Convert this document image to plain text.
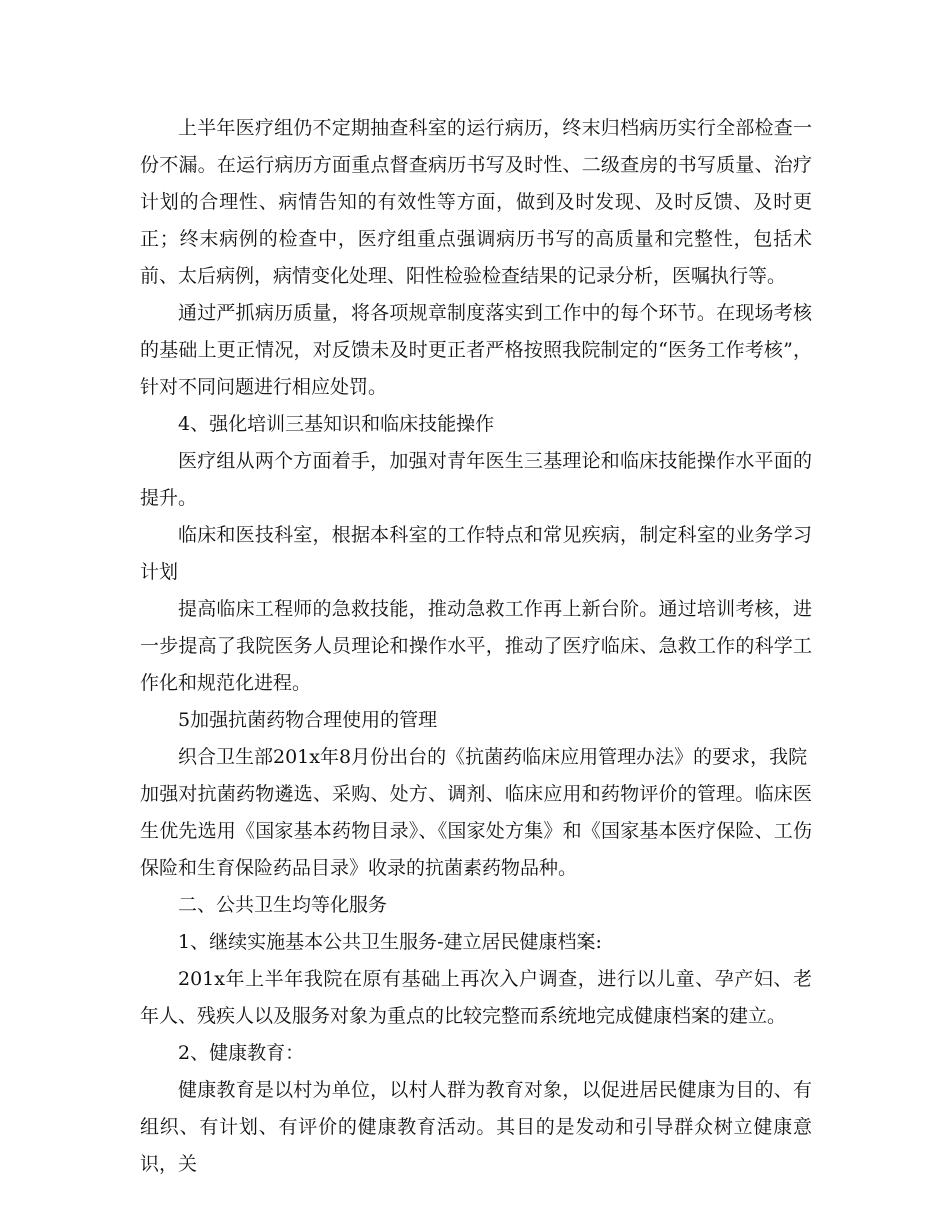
上半年医疗组仍不定期抽查科室的运行病历，终末归档病历实行全部检查一份不漏。在运行病历方面重点督查病历书写及时性、二级查房的书写质量、治疗计划的合理性、病情告知的有效性等方面，做到及时发现、及时反馈、及时更正；终末病例的检查中，医疗组重点强调病历书写的高质量和完整性，包括术前、太后病例，病情变化处理、阳性检验检查结果的记录分析，医嘱执行等。

通过严抓病历质量，将各项规章制度落实到工作中的每个环节。在现场考核的基础上更正情况，对反馈未及时更正者严格按照我院制定的“医务工作考核”，针对不同问题进行相应处罚。

4、强化培训三基知识和临床技能操作

医疗组从两个方面着手，加强对青年医生三基理论和临床技能操作水平面的提升。

临床和医技科室，根据本科室的工作特点和常见疾病，制定科室的业务学习计划

提高临床工程师的急救技能，推动急救工作再上新台阶。通过培训考核，进一步提高了我院医务人员理论和操作水平，推动了医疗临床、急救工作的科学工作化和规范化进程。

5加强抗菌药物合理使用的管理

织合卫生部201x年8月份出台的《抗菌药临床应用管理办法》的要求，我院

加强对抗菌药物遴选、采购、处方、调剂、临床应用和药物评价的管理。临床医生优先选用《国家基本药物目录》、《国家处方集》和《国家基本医疗保险、工伤保险和生育保险药品目录》收录的抗菌素药物品种。

二、公共卫生均等化服务

1、继续实施基本公共卫生服务-建立居民健康档案:

201x年上半年我院在原有基础上再次入户调查，进行以儿童、孕产妇、老年人、残疾人以及服务对象为重点的比较完整而系统地完成健康档案的建立。

2、健康教育：

健康教育是以村为单位，以村人群为教育对象，以促进居民健康为目的、有组织、有计划、有评价的健康教育活动。其目的是发动和引导群众树立健康意识，关
